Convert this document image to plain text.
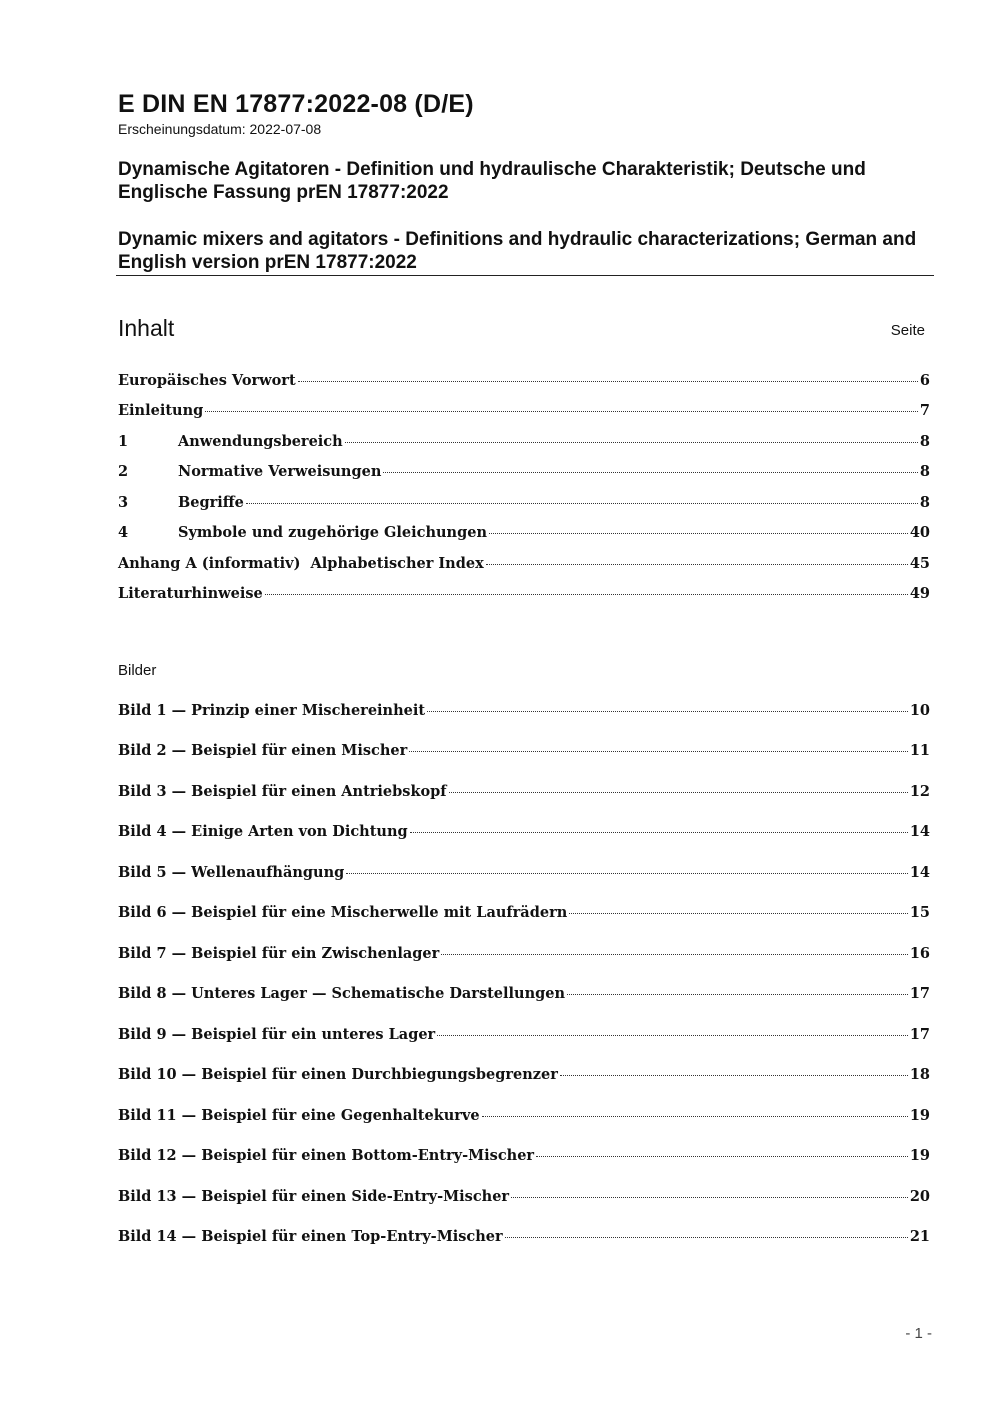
E DIN EN 17877:2022-08 (D/E)
Erscheinungsdatum: 2022-07-08
Dynamische Agitatoren - Definition und hydraulische Charakteristik; Deutsche und Englische Fassung prEN 17877:2022
Dynamic mixers and agitators - Definitions and hydraulic characterizations; German and English version prEN 17877:2022
Inhalt	Seite
Europäisches Vorwort	6
Einleitung	7
1	Anwendungsbereich	8
2	Normative Verweisungen	8
3	Begriffe	8
4	Symbole und zugehörige Gleichungen	40
Anhang A (informativ)  Alphabetischer Index	45
Literaturhinweise	49
Bilder
Bild 1 — Prinzip einer Mischereinheit	10
Bild 2 — Beispiel für einen Mischer	11
Bild 3 — Beispiel für einen Antriebskopf	12
Bild 4 — Einige Arten von Dichtung	14
Bild 5 — Wellenaufhängung	14
Bild 6 — Beispiel für eine Mischerwelle mit Laufrädern	15
Bild 7 — Beispiel für ein Zwischenlager	16
Bild 8 — Unteres Lager — Schematische Darstellungen	17
Bild 9 — Beispiel für ein unteres Lager	17
Bild 10 — Beispiel für einen Durchbiegungsbegrenzer	18
Bild 11 — Beispiel für eine Gegenhaltekurve	19
Bild 12 — Beispiel für einen Bottom-Entry-Mischer	19
Bild 13 — Beispiel für einen Side-Entry-Mischer	20
Bild 14 — Beispiel für einen Top-Entry-Mischer	21
- 1 -
